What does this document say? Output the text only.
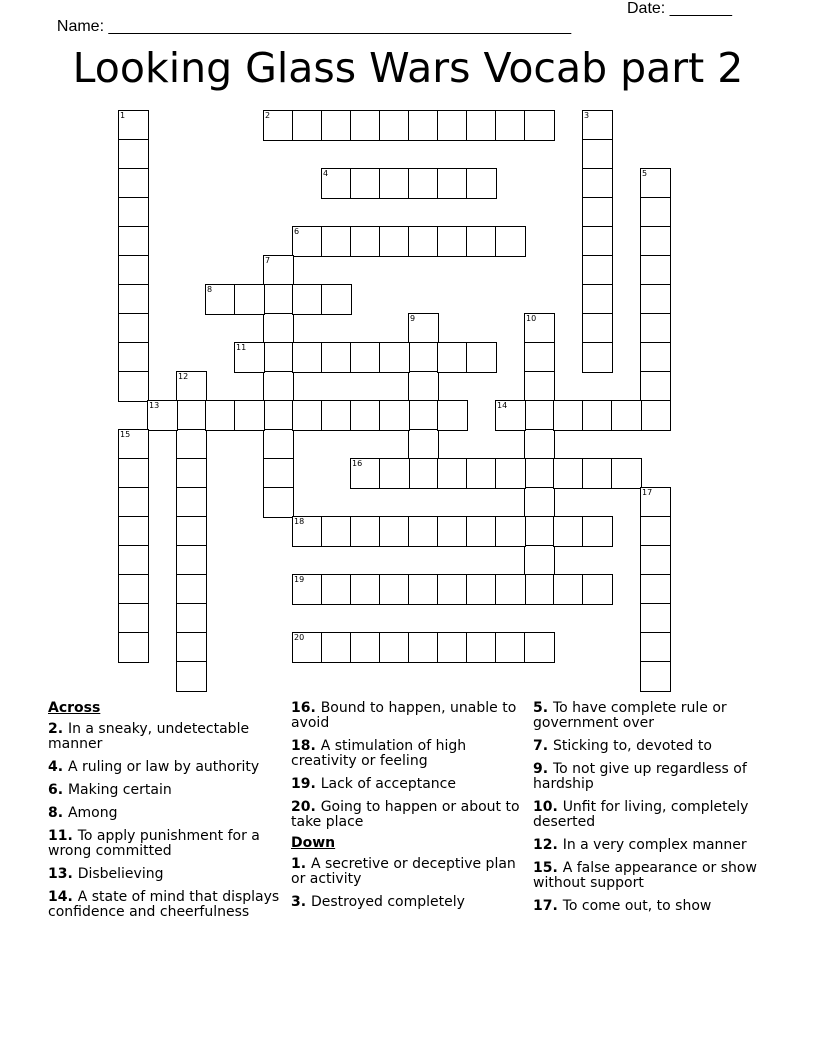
Name: ____________________________________________________

Date: _______

Looking Glass Wars Vocab part 2
1	2	3
4	5
6
7
8
9	10
11
12
13	14
15
16
17
18
19
20
Across
2. In a sneaky, undetectable manner
4. A ruling or law by authority
6. Making certain
8. Among
11. To apply punishment for a wrong committed
13. Disbelieving
14. A state of mind that displays confidence and cheerfulness
16. Bound to happen, unable to avoid
18. A stimulation of high creativity or feeling
19. Lack of acceptance
20. Going to happen or about to take place
Down
1. A secretive or deceptive plan or activity
3. Destroyed completely
5. To have complete rule or government over
7. Sticking to, devoted to
9. To not give up regardless of hardship
10. Unfit for living, completely deserted
12. In a very complex manner
15. A false appearance or show without support
17. To come out, to show
